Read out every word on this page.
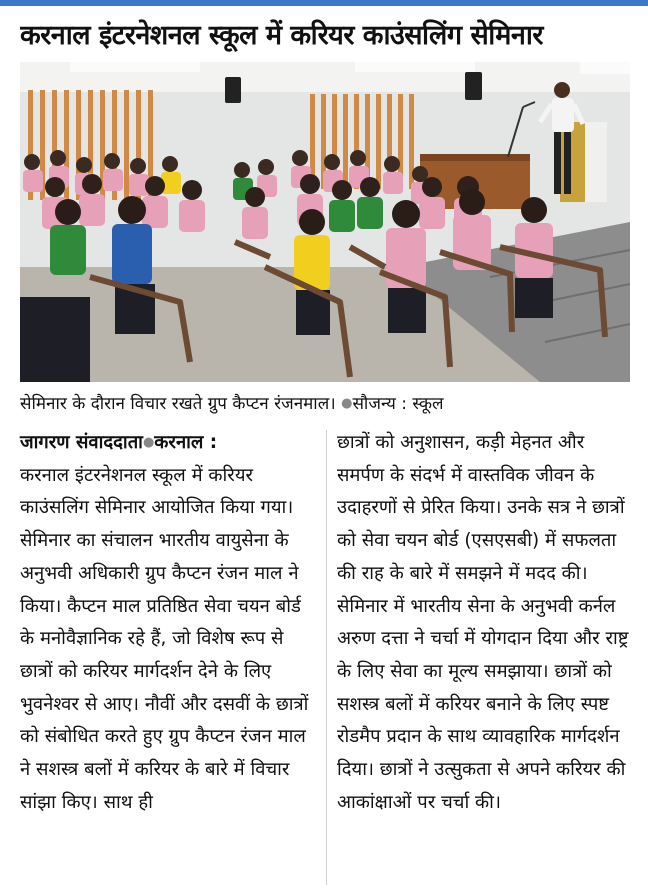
करनाल इंटरनेशनल स्कूल में करियर काउंसलिंग सेमिनार
सेमिनार के दौरान विचार रखते ग्रुप कैप्टन रंजनमाल। ●सौजन्य : स्कूल

जागरण संवाददाता●करनाल :

करनाल इंटरनेशनल स्कूल में करियर काउंसलिंग सेमिनार आयोजित किया गया। सेमिनार का संचालन भारतीय वायुसेना के अनुभवी अधिकारी ग्रुप कैप्टन रंजन माल ने किया। कैप्टन माल प्रतिष्ठित सेवा चयन बोर्ड के मनोवैज्ञानिक रहे हैं, जो विशेष रूप से छात्रों को करियर मार्गदर्शन देने के लिए भुवनेश्वर से आए। नौवीं और दसवीं के छात्रों को संबोधित करते हुए ग्रुप कैप्टन रंजन माल ने सशस्त्र बलों में करियर के बारे में विचार सांझा किए। साथ ही

छात्रों को अनुशासन, कड़ी मेहनत और समर्पण के संदर्भ में वास्तविक जीवन के उदाहरणों से प्रेरित किया। उनके सत्र ने छात्रों को सेवा चयन बोर्ड (एसएसबी) में सफलता की राह के बारे में समझने में मदद की। सेमिनार में भारतीय सेना के अनुभवी कर्नल अरुण दत्ता ने चर्चा में योगदान दिया और राष्ट्र के लिए सेवा का मूल्य समझाया। छात्रों को सशस्त्र बलों में करियर बनाने के लिए स्पष्ट रोडमैप प्रदान के साथ व्यावहारिक मार्गदर्शन दिया। छात्रों ने उत्सुकता से अपने करियर की आकांक्षाओं पर चर्चा की।
